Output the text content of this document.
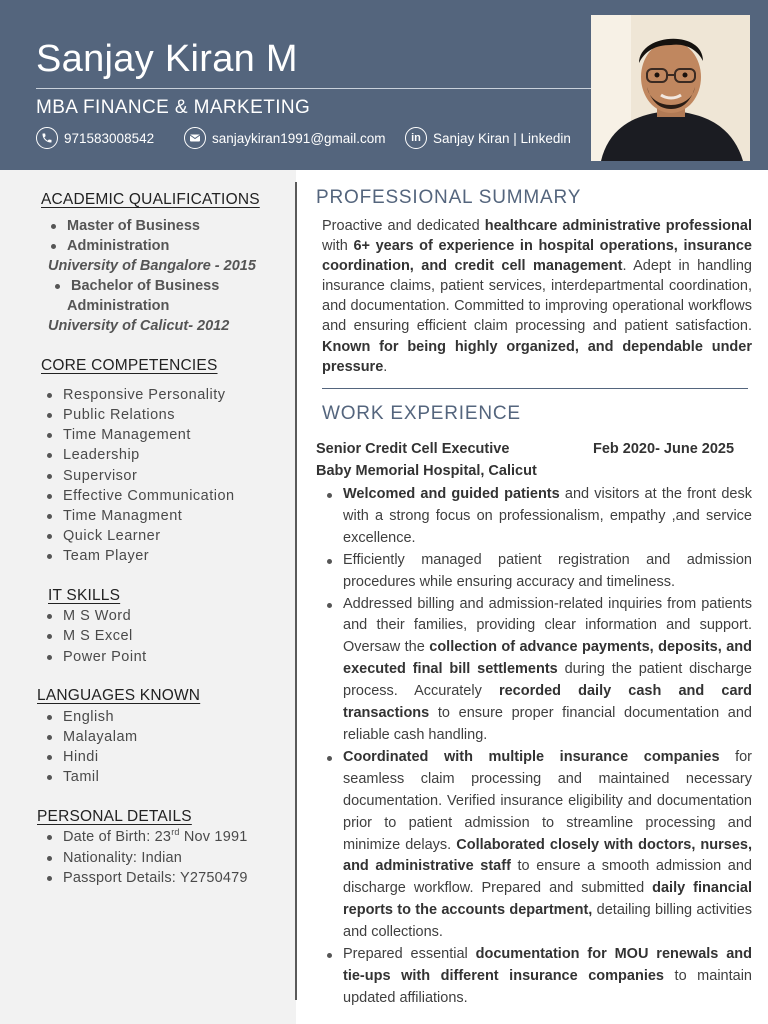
Sanjay Kiran M
MBA FINANCE & MARKETING
971583008542	sanjaykiran1991@gmail.com	in Sanjay Kiran | Linkedin
ACADEMIC QUALIFICATIONS
Master of Business
Administration
University of Bangalore - 2015
Bachelor of Business
Administration
University of Calicut- 2012
CORE COMPETENCIES
Responsive Personality
Public Relations
Time Management
Leadership
Supervisor
Effective Communication
Time Managment
Quick Learner
Team Player
IT SKILLS
M S Word
M S Excel
Power Point
LANGUAGES KNOWN
English
Malayalam
Hindi
Tamil
PERSONAL DETAILS
Date of Birth: 23rd Nov 1991
Nationality: Indian
Passport Details: Y2750479
PROFESSIONAL SUMMARY
Proactive and dedicated healthcare administrative professional with 6+ years of experience in hospital operations, insurance coordination, and credit cell management. Adept in handling insurance claims, patient services, interdepartmental coordination, and documentation. Committed to improving operational workflows and ensuring efficient claim processing and patient satisfaction. Known for being highly organized, and dependable under pressure.
WORK EXPERIENCE
Senior Credit Cell Executive	Feb 2020- June 2025
Baby Memorial Hospital, Calicut
Welcomed and guided patients and visitors at the front desk with a strong focus on professionalism, empathy ,and service excellence.
Efficiently managed patient registration and admission procedures while ensuring accuracy and timeliness.
Addressed billing and admission-related inquiries from patients and their families, providing clear information and support. Oversaw the collection of advance payments, deposits, and executed final bill settlements during the patient discharge process. Accurately recorded daily cash and card transactions to ensure proper financial documentation and reliable cash handling.
Coordinated with multiple insurance companies for seamless claim processing and maintained necessary documentation. Verified insurance eligibility and documentation prior to patient admission to streamline processing and minimize delays. Collaborated closely with doctors, nurses, and administrative staff to ensure a smooth admission and discharge workflow. Prepared and submitted daily financial reports to the accounts department, detailing billing activities and collections.
Prepared essential documentation for MOU renewals and tie-ups with different insurance companies to maintain updated affiliations.
